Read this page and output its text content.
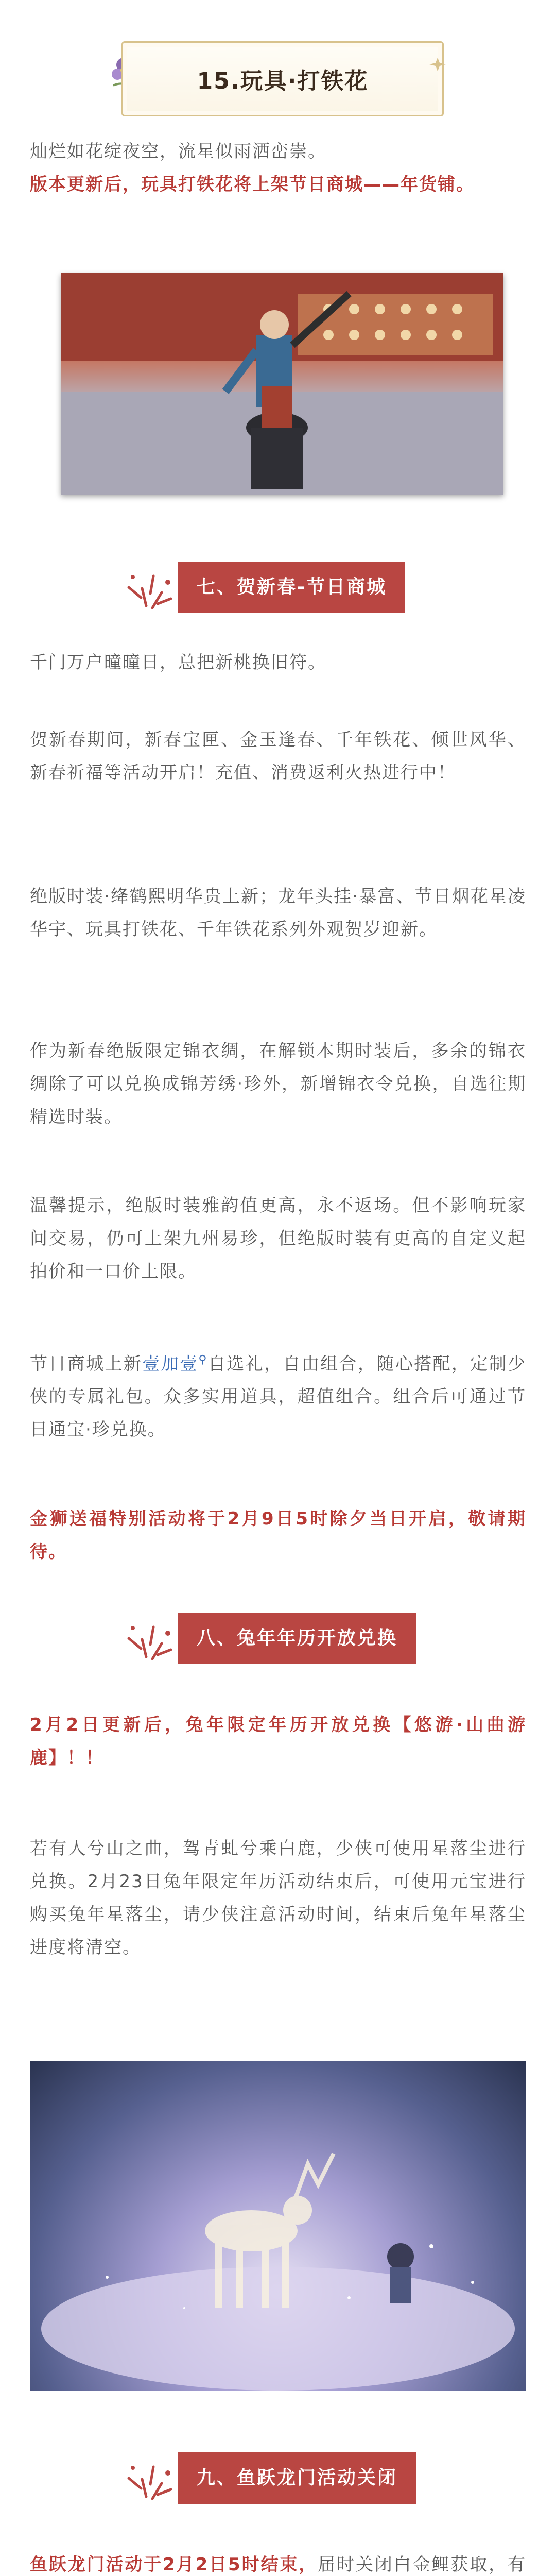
15.玩具·打铁花
灿烂如花绽夜空，流星似雨洒峦崇。
版本更新后，玩具打铁花将上架节日商城——年货铺。
七、贺新春-节日商城
千门万户曈曈日，总把新桃换旧符。
贺新春期间，新春宝匣、金玉逢春、千年铁花、倾世风华、新春祈福等活动开启！充值、消费返利火热进行中！
绝版时装·绛鹤熙明华贵上新；龙年头挂·暴富、节日烟花星凌华宇、玩具打铁花、千年铁花系列外观贺岁迎新。
作为新春绝版限定锦衣绸，在解锁本期时装后，多余的锦衣绸除了可以兑换成锦芳绣·珍外，新增锦衣令兑换，自选往期精选时装。
温馨提示，绝版时装雅韵值更高，永不返场。但不影响玩家间交易，仍可上架九州易珍，但绝版时装有更高的自定义起拍价和一口价上限。
节日商城上新壹加壹⚲自选礼，自由组合，随心搭配，定制少侠的专属礼包。众多实用道具，超值组合。组合后可通过节日通宝·珍兑换。
金狮送福特别活动将于2月9日5时除夕当日开启，敬请期待。
八、兔年年历开放兑换
2月2日更新后，兔年限定年历开放兑换【悠游·山曲游鹿】！！
若有人兮山之曲，驾青虬兮乘白鹿，少侠可使用星落尘进行兑换。2月23日兔年限定年历活动结束后，可使用元宝进行购买兔年星落尘，请少侠注意活动时间，结束后兔年星落尘进度将清空。
九、鱼跃龙门活动关闭
鱼跃龙门活动于2月2日5时结束，届时关闭白金鲤获取，有
